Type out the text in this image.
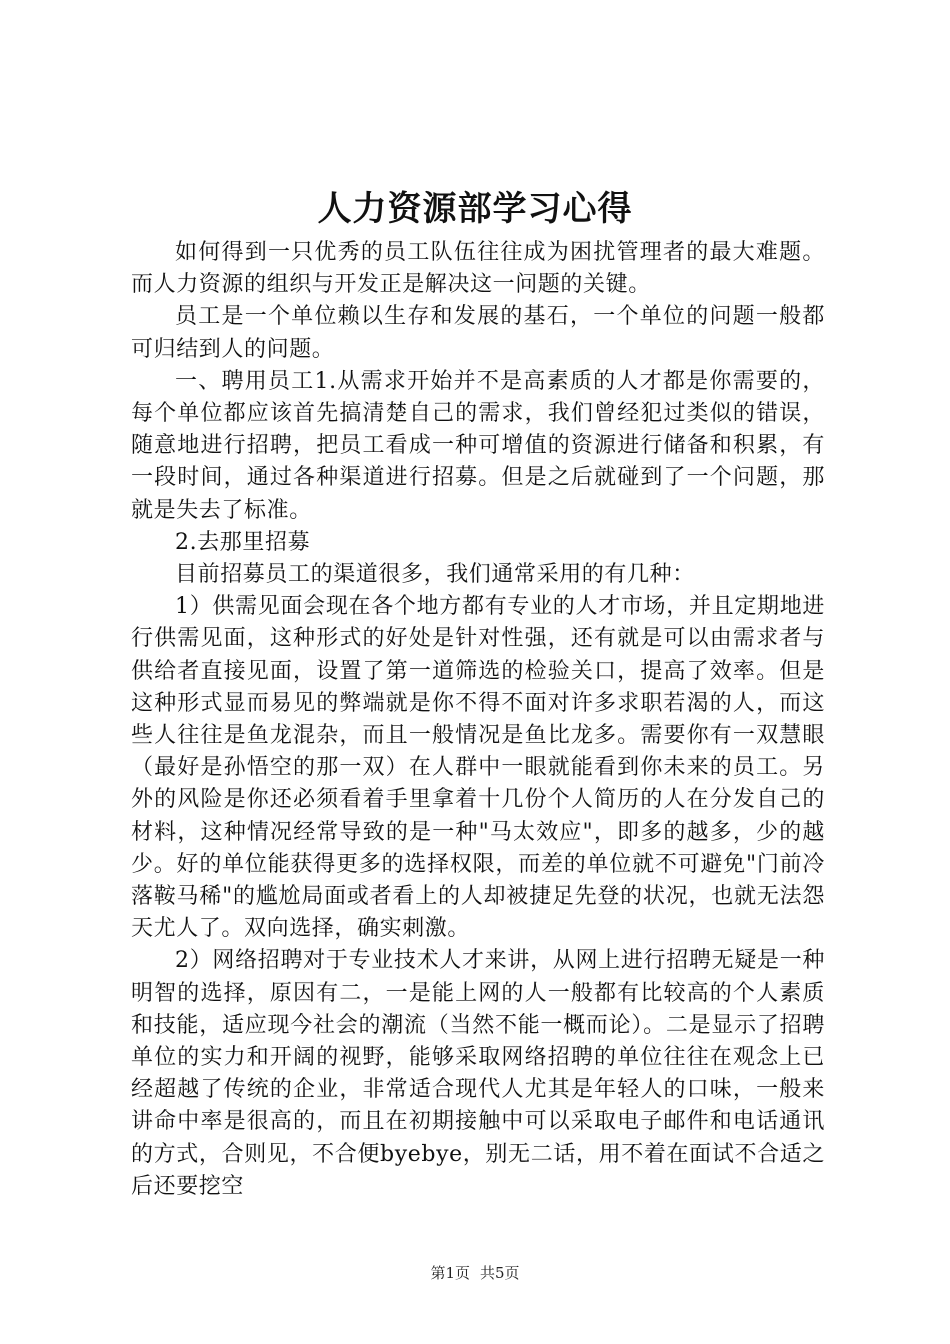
人力资源部学习心得

如何得到一只优秀的员工队伍往往成为困扰管理者的最大难题。而人力资源的组织与开发正是解决这一问题的关键。

员工是一个单位赖以生存和发展的基石，一个单位的问题一般都可归结到人的问题。

一、聘用员工1.从需求开始并不是高素质的人才都是你需要的，每个单位都应该首先搞清楚自己的需求，我们曾经犯过类似的错误，随意地进行招聘，把员工看成一种可增值的资源进行储备和积累，有一段时间，通过各种渠道进行招募。但是之后就碰到了一个问题，那就是失去了标准。

2.去那里招募

目前招募员工的渠道很多，我们通常采用的有几种：

1）供需见面会现在各个地方都有专业的人才市场，并且定期地进行供需见面，这种形式的好处是针对性强，还有就是可以由需求者与供给者直接见面，设置了第一道筛选的检验关口，提高了效率。但是这种形式显而易见的弊端就是你不得不面对许多求职若渴的人，而这些人往往是鱼龙混杂，而且一般情况是鱼比龙多。需要你有一双慧眼（最好是孙悟空的那一双）在人群中一眼就能看到你未来的员工。另外的风险是你还必须看着手里拿着十几份个人简历的人在分发自己的材料，这种情况经常导致的是一种"马太效应"，即多的越多，少的越少。好的单位能获得更多的选择权限，而差的单位就不可避免"门前冷落鞍马稀"的尴尬局面或者看上的人却被捷足先登的状况，也就无法怨天尤人了。双向选择，确实刺激。

2）网络招聘对于专业技术人才来讲，从网上进行招聘无疑是一种明智的选择，原因有二，一是能上网的人一般都有比较高的个人素质和技能，适应现今社会的潮流（当然不能一概而论）。二是显示了招聘单位的实力和开阔的视野，能够采取网络招聘的单位往往在观念上已经超越了传统的企业，非常适合现代人尤其是年轻人的口味，一般来讲命中率是很高的，而且在初期接触中可以采取电子邮件和电话通讯的方式，合则见，不合便byebye，别无二话，用不着在面试不合适之后还要挖空

第1页 共5页
